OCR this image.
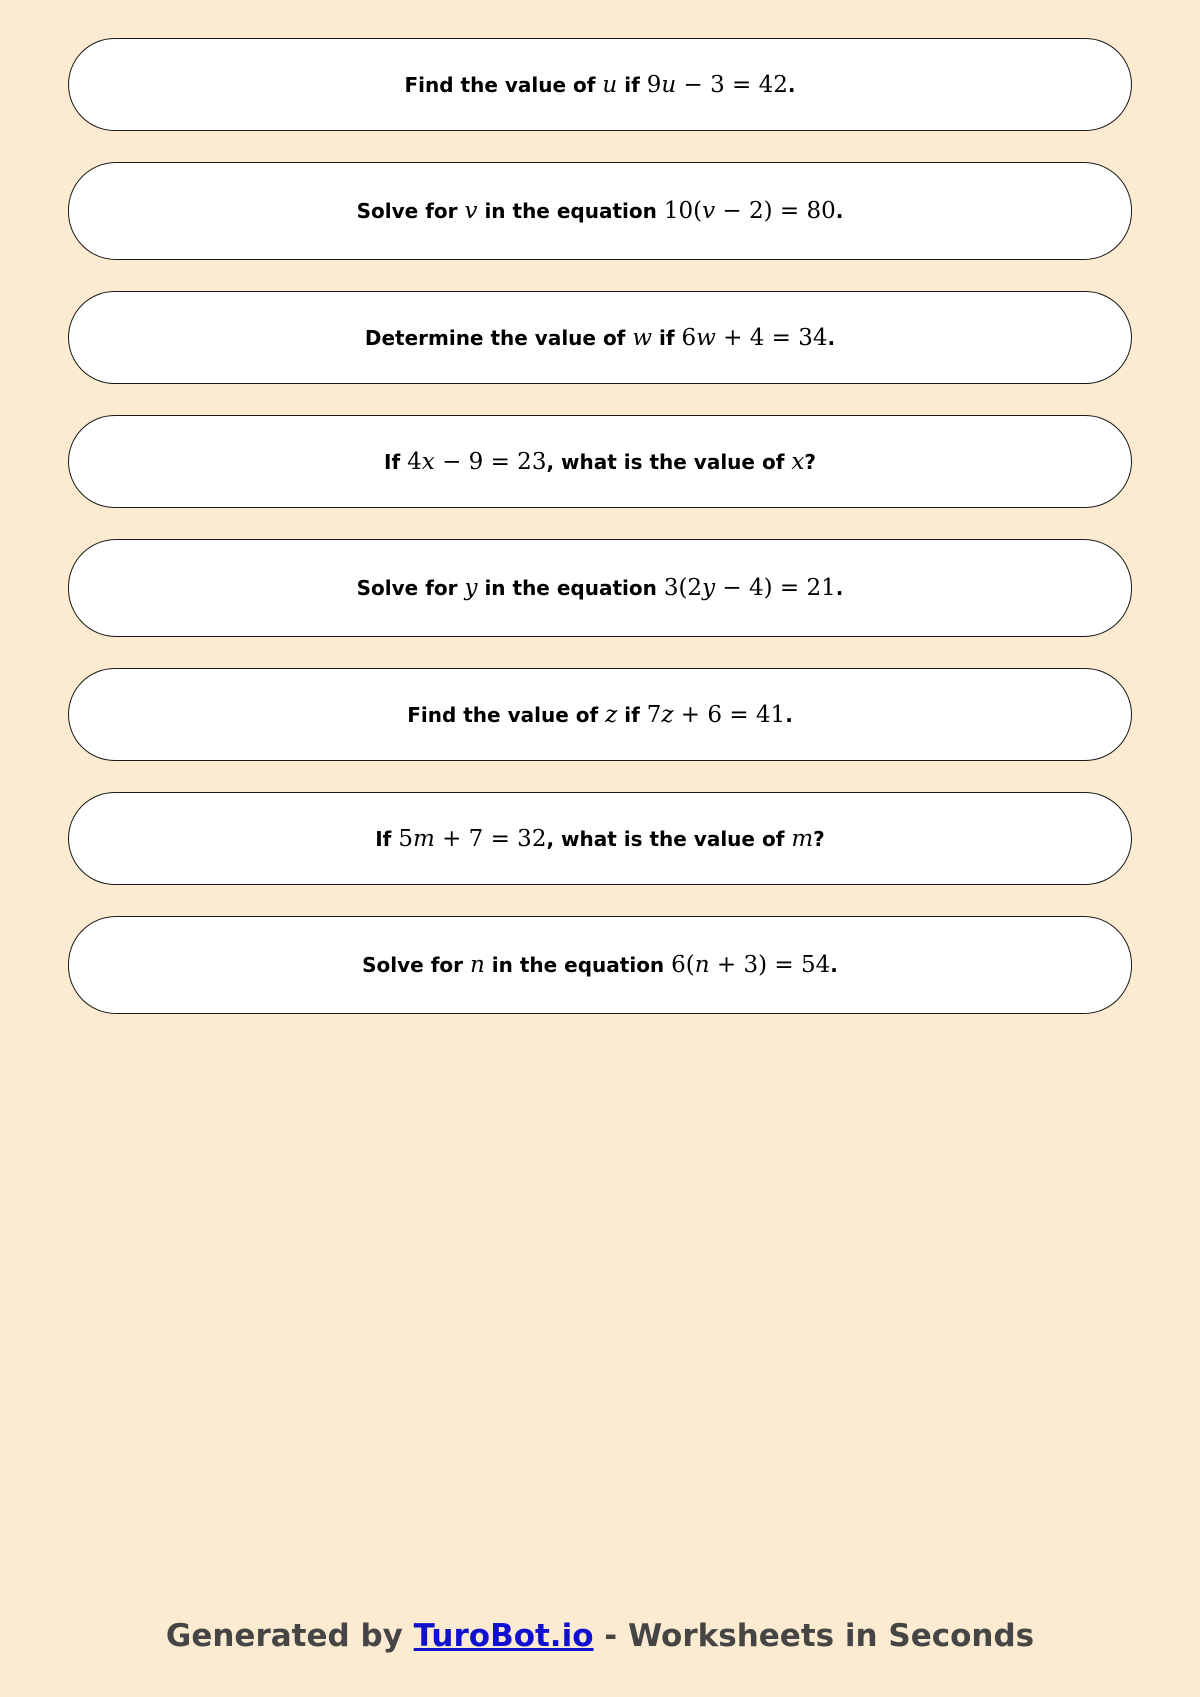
Find the value of u if 9u − 3 = 42.
Solve for v in the equation 10(v − 2) = 80.
Determine the value of w if 6w + 4 = 34.
If 4x − 9 = 23, what is the value of x?
Solve for y in the equation 3(2y − 4) = 21.
Find the value of z if 7z + 6 = 41.
If 5m + 7 = 32, what is the value of m?
Solve for n in the equation 6(n + 3) = 54.
Generated by TuroBot.io - Worksheets in Seconds
